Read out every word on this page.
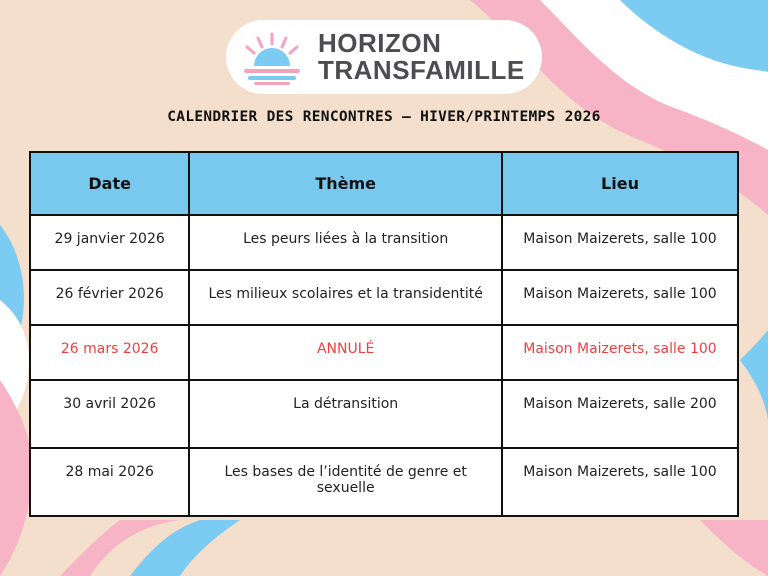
HORIZON
TRANSFAMILLE
CALENDRIER DES RENCONTRES – HIVER/PRINTEMPS 2026
Date	Thème	Lieu
29 janvier 2026	Les peurs liées à la transition	Maison Maizerets, salle 100
26 février 2026	Les milieux scolaires et la transidentité	Maison Maizerets, salle 100
26 mars 2026	ANNULÉ	Maison Maizerets, salle 100
30 avril 2026	La détransition	Maison Maizerets, salle 200
28 mai 2026	Les bases de l’identité de genre et sexuelle	Maison Maizerets, salle 100
